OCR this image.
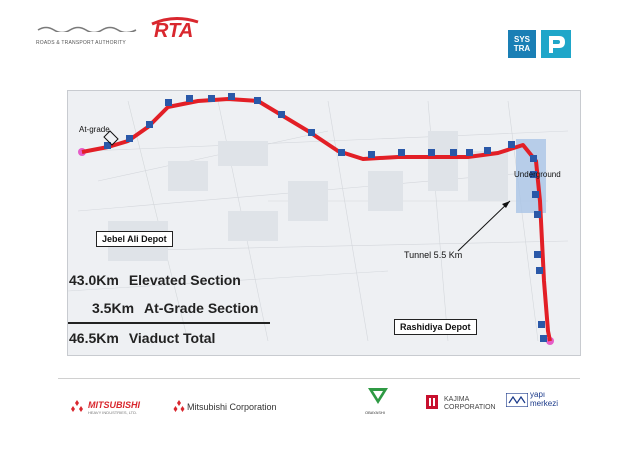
ROADS & TRANSPORT AUTHORITY
RTA	SYS TRA
At-grade
Underground
Tunnel 5.5 Km
Jebel Ali Depot
Rashidiya Depot
43.0Km Elevated Section
3.5Km At-Grade Section
46.5Km Viaduct Total
MITSUBISHI
HEAVY INDUSTRIES, LTD.
Mitsubishi Corporation
OBAYASHI
KAJIMA
CORPORATION
yapı
merkezi
